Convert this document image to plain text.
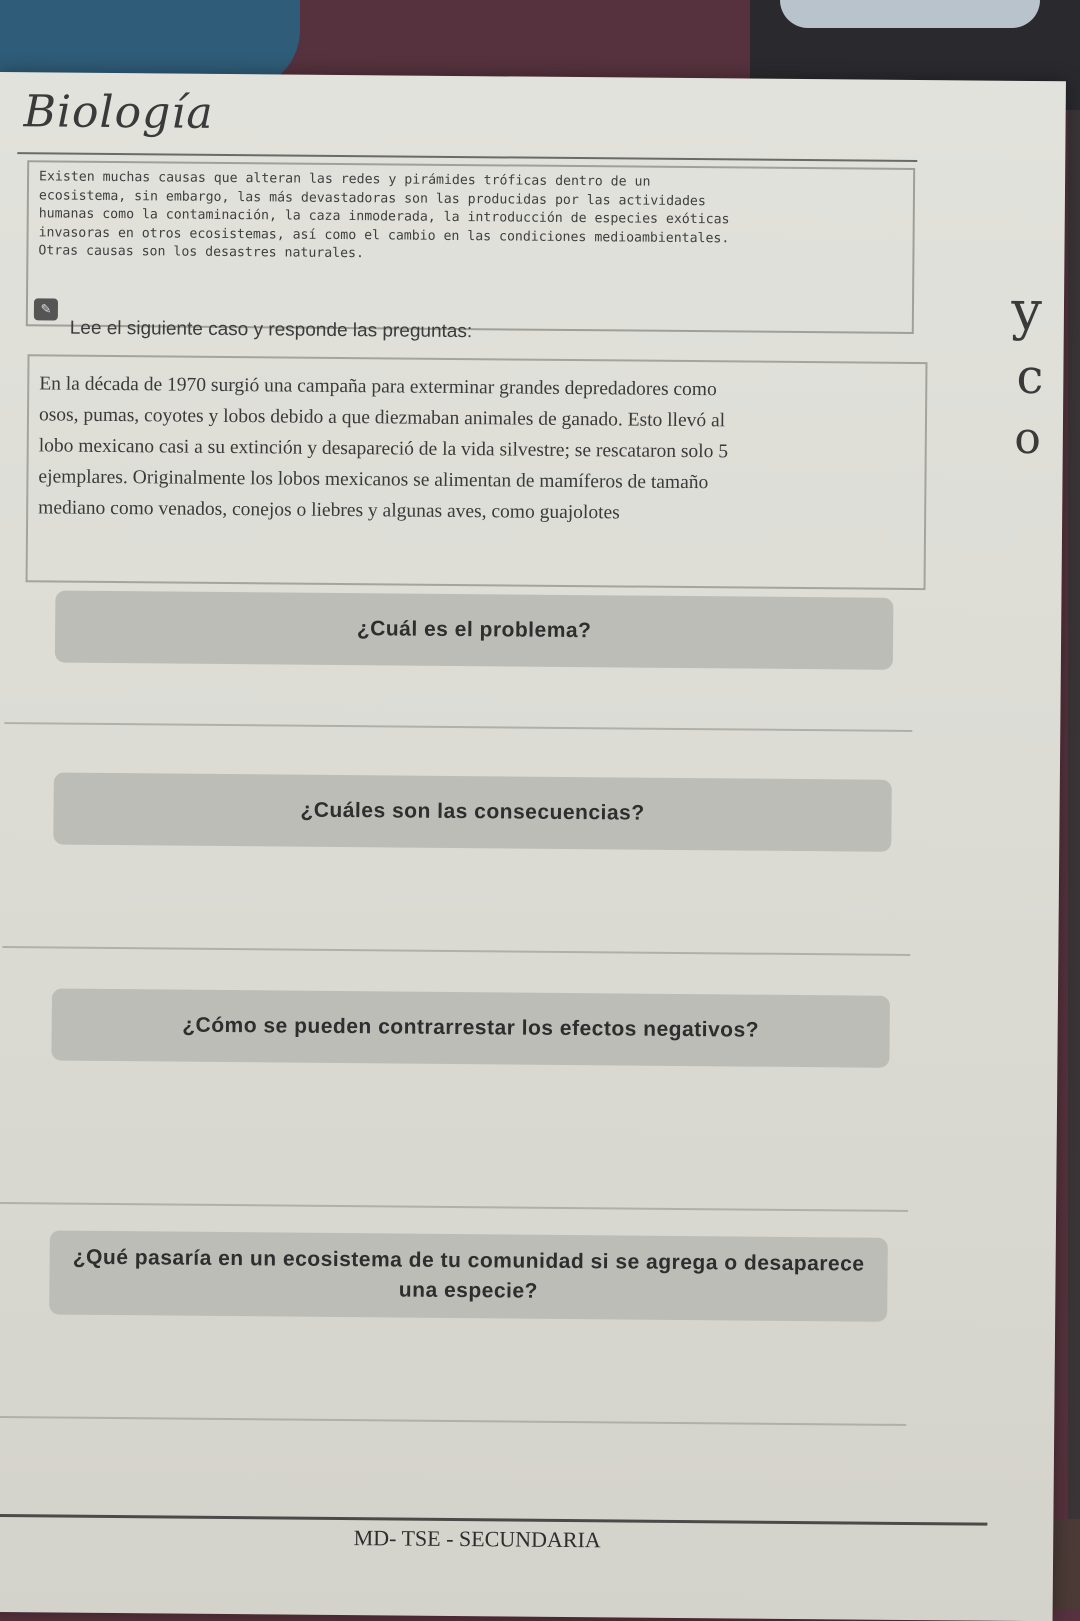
Biología

Existen muchas causas que alteran las redes y pirámides tróficas dentro de un
ecosistema, sin embargo, las más devastadoras son las producidas por las actividades
humanas como la contaminación, la caza inmoderada, la introducción de especies exóticas
invasoras en otros ecosistemas, así como el cambio en las condiciones medioambientales.
Otras causas son los desastres naturales.

✎
Lee el siguiente caso y responde las preguntas:

En la década de 1970 surgió una campaña para exterminar grandes depredadores como
osos, pumas, coyotes y lobos debido a que diezmaban animales de ganado. Esto llevó al
lobo mexicano casi a su extinción y desapareció de la vida silvestre; se rescataron solo 5
ejemplares. Originalmente los lobos mexicanos se alimentan de mamíferos de tamaño
mediano como venados, conejos o liebres y algunas aves, como guajolotes

¿Cuál es el problema?
¿Cuáles son las consecuencias?
¿Cómo se pueden contrarrestar los efectos negativos?
¿Qué pasaría en un ecosistema de tu comunidad si se agrega o desaparece una especie?
y
c
o
MD- TSE - SECUNDARIA
